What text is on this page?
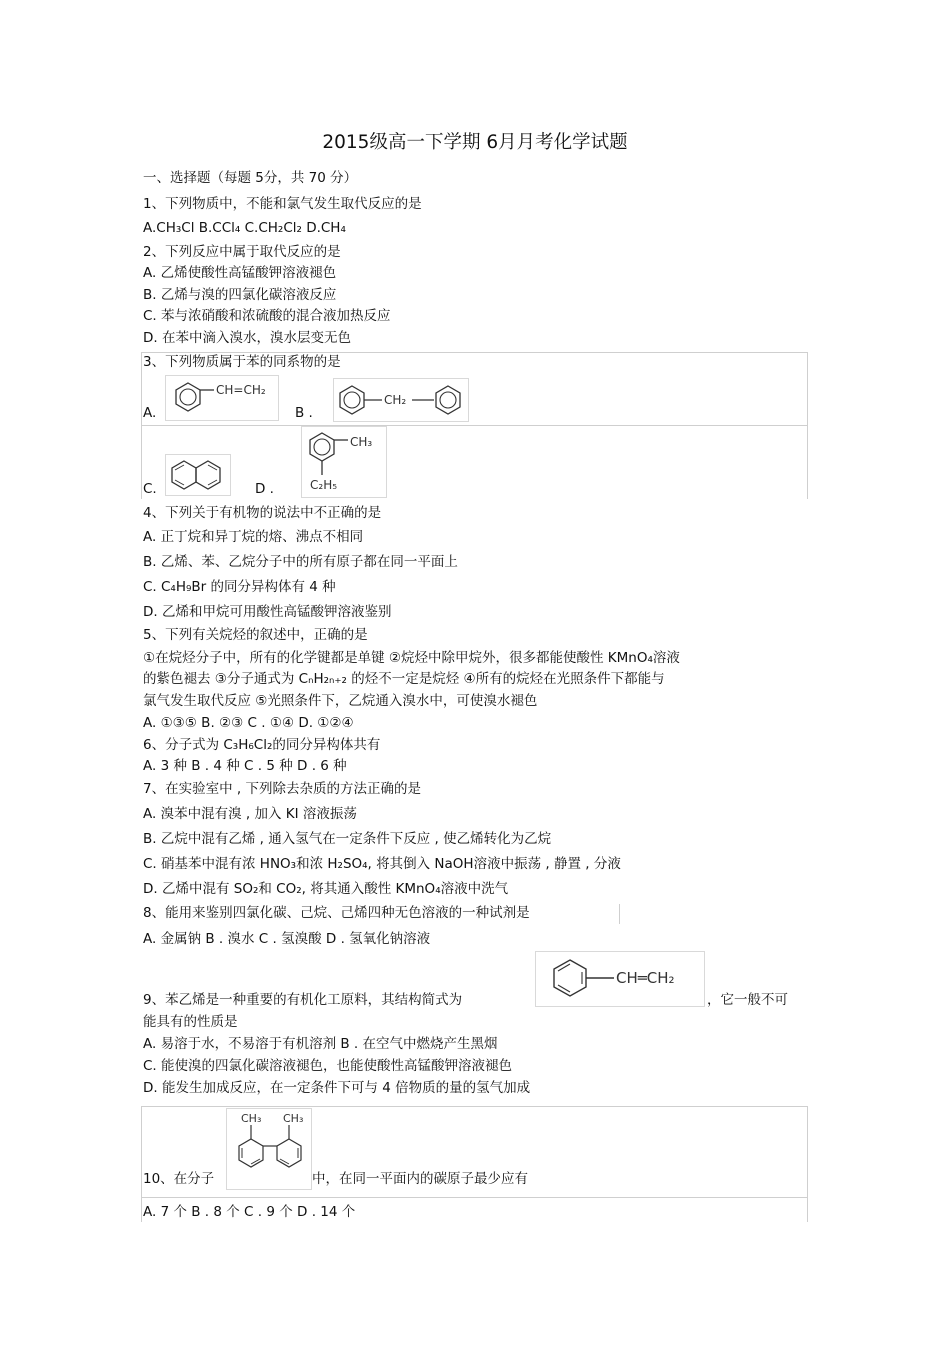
2015级高一下学期 6月月考化学试题
一、选择题（每题 5分，共 70 分）
1、下列物质中，不能和氯气发生取代反应的是
A.CH₃Cl B.CCl₄ C.CH₂Cl₂ D.CH₄
2、下列反应中属于取代反应的是
A. 乙烯使酸性高锰酸钾溶液褪色
B. 乙烯与溴的四氯化碳溶液反应
C. 苯与浓硝酸和浓硫酸的混合液加热反应
D. 在苯中滴入溴水，溴水层变无色
3、下列物质属于苯的同系物的是
A.
CH=CH₂
B .
CH₂
C.	D .
CH₃
C₂H₅
4、下列关于有机物的说法中不正确的是
A. 正丁烷和异丁烷的熔、沸点不相同
B. 乙烯、苯、乙烷分子中的所有原子都在同一平面上
C. C₄H₉Br 的同分异构体有 4 种
D. 乙烯和甲烷可用酸性高锰酸钾溶液鉴别
5、下列有关烷烃的叙述中，正确的是
①在烷烃分子中，所有的化学键都是单键 ②烷烃中除甲烷外，很多都能使酸性 KMnO₄溶液
的紫色褪去 ③分子通式为 CₙH₂ₙ₊₂ 的烃不一定是烷烃 ④所有的烷烃在光照条件下都能与
氯气发生取代反应 ⑤光照条件下，乙烷通入溴水中，可使溴水褪色
A. ①③⑤ B. ②③ C . ①④ D. ①②④
6、分子式为 C₃H₆Cl₂的同分异构体共有
A. 3 种 B . 4 种 C . 5 种 D . 6 种
7、在实验室中 , 下列除去杂质的方法正确的是
A. 溴苯中混有溴 , 加入 KI 溶液振荡
B. 乙烷中混有乙烯 , 通入氢气在一定条件下反应 , 使乙烯转化为乙烷
C. 硝基苯中混有浓 HNO₃和浓 H₂SO₄, 将其倒入 NaOH溶液中振荡 , 静置 , 分液
D. 乙烯中混有 SO₂和 CO₂, 将其通入酸性 KMnO₄溶液中洗气
8、能用来鉴别四氯化碳、己烷、己烯四种无色溶液的一种试剂是
A. 金属钠 B . 溴水 C . 氢溴酸 D . 氢氧化钠溶液
CH═CH₂
9、苯乙烯是一种重要的有机化工原料，其结构简式为	，它一般不可
能具有的性质是
A. 易溶于水，不易溶于有机溶剂 B . 在空气中燃烧产生黑烟
C. 能使溴的四氯化碳溶液褪色，也能使酸性高锰酸钾溶液褪色
D. 能发生加成反应，在一定条件下可与 4 倍物质的量的氢气加成
CH₃ CH₃
10、在分子	中，在同一平面内的碳原子最少应有
A. 7 个 B . 8 个 C . 9 个 D . 14 个
